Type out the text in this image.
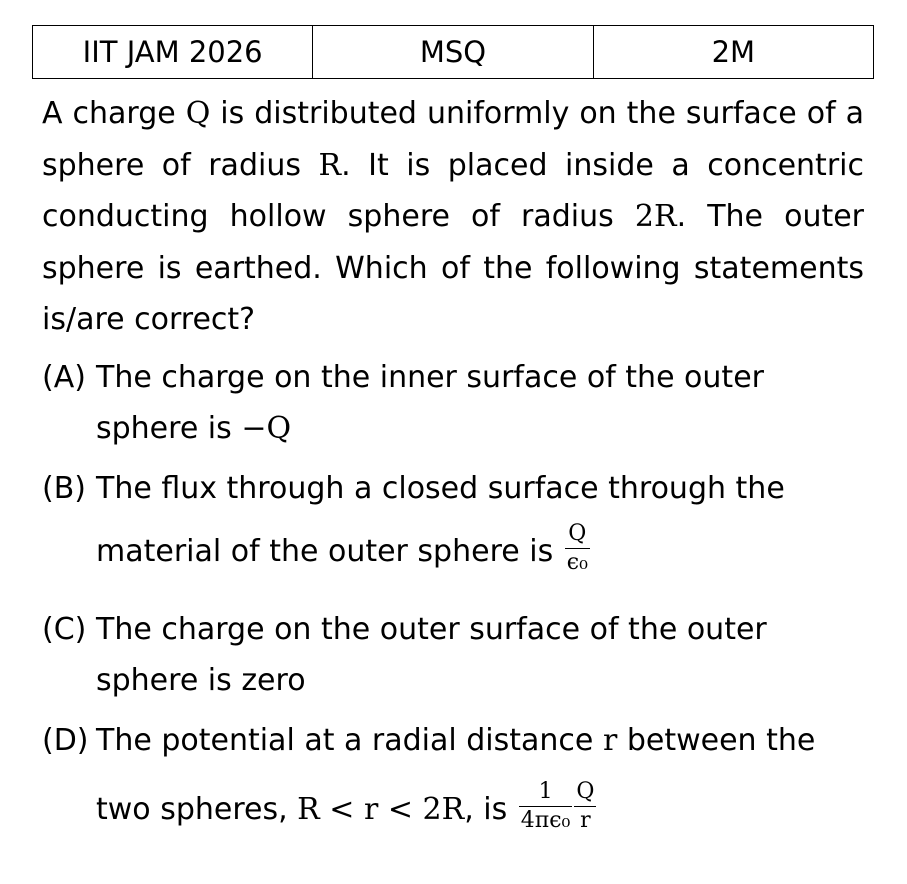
IIT JAM 2026	MSQ	2M

A charge Q is distributed uniformly on the surface of a sphere of radius R. It is placed inside a concentric conducting hollow sphere of radius 2R. The outer sphere is earthed. Which of the following statements is/are correct?

(A) The charge on the inner surface of the outer
sphere is −Q
(B) The flux through a closed surface through the
material of the outer sphere is $\frac{Q}{\text{ϵ₀}}$
(C) The charge on the outer surface of the outer
sphere is zero
(D) The potential at a radial distance r between the
two spheres, R < r < 2R, is $\frac{1}{\text{4πϵ₀}} \frac{Q}{r}$
